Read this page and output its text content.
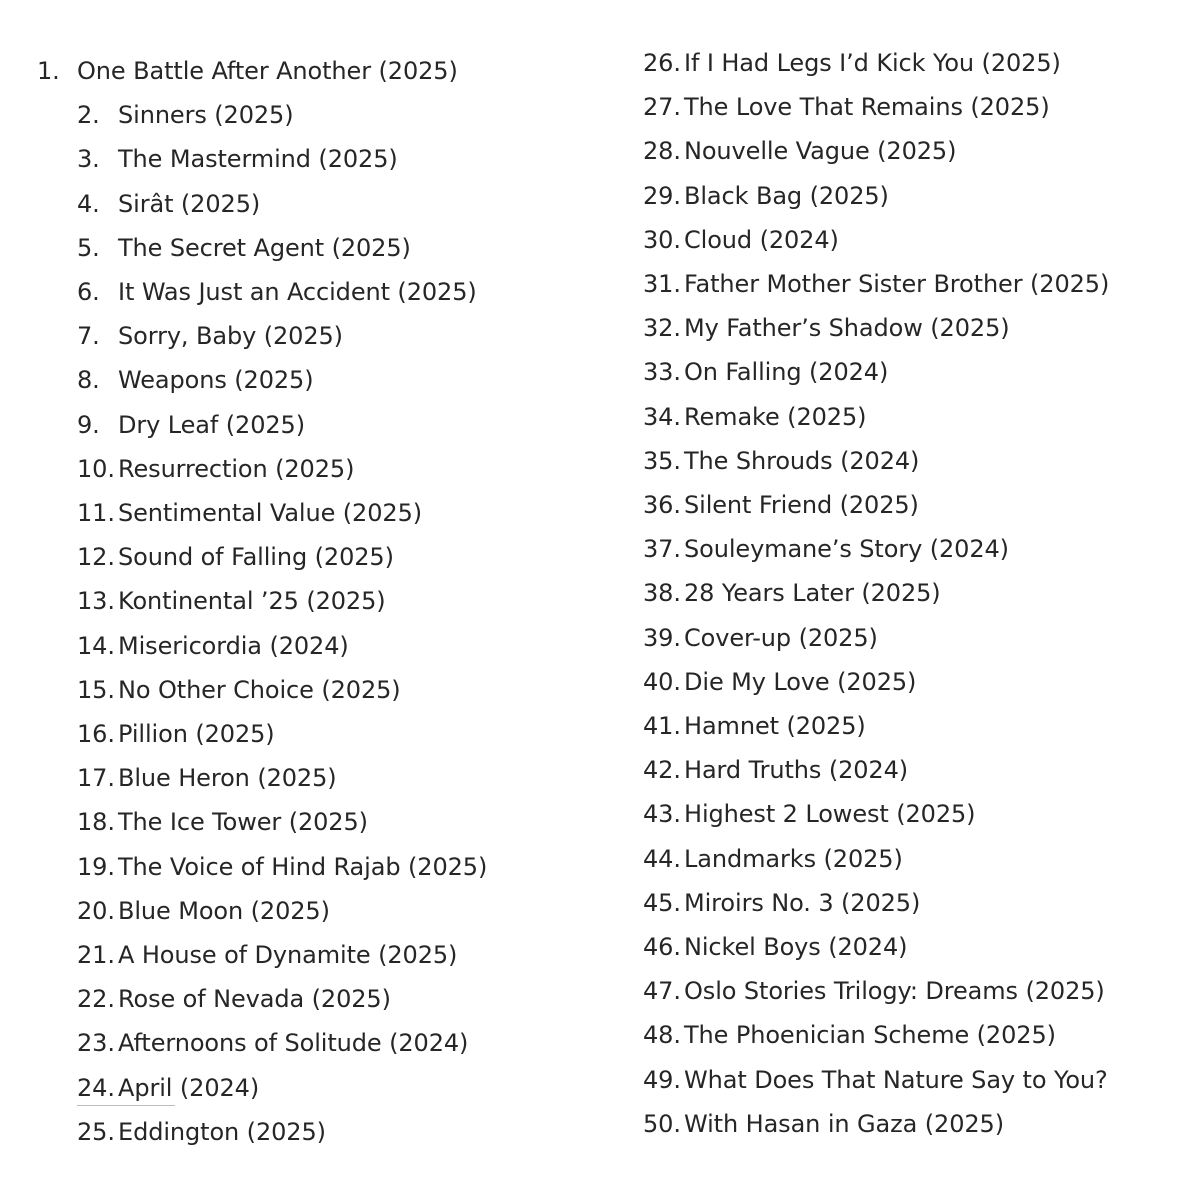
1. One Battle After Another (2025)
2. Sinners (2025)
3. The Mastermind (2025)
4. Sirât (2025)
5. The Secret Agent (2025)
6. It Was Just an Accident (2025)
7. Sorry, Baby (2025)
8. Weapons (2025)
9. Dry Leaf (2025)
10. Resurrection (2025)
11. Sentimental Value (2025)
12. Sound of Falling (2025)
13. Kontinental ’25 (2025)
14. Misericordia (2024)
15. No Other Choice (2025)
16. Pillion (2025)
17. Blue Heron (2025)
18. The Ice Tower (2025)
19. The Voice of Hind Rajab (2025)
20. Blue Moon (2025)
21. A House of Dynamite (2025)
22. Rose of Nevada (2025)
23. Afternoons of Solitude (2024)
24. April (2024)
25. Eddington (2025)
26. If I Had Legs I’d Kick You (2025)
27. The Love That Remains (2025)
28. Nouvelle Vague (2025)
29. Black Bag (2025)
30. Cloud (2024)
31. Father Mother Sister Brother (2025)
32. My Father’s Shadow (2025)
33. On Falling (2024)
34. Remake (2025)
35. The Shrouds (2024)
36. Silent Friend (2025)
37. Souleymane’s Story (2024)
38. 28 Years Later (2025)
39. Cover-up (2025)
40. Die My Love (2025)
41. Hamnet (2025)
42. Hard Truths (2024)
43. Highest 2 Lowest (2025)
44. Landmarks (2025)
45. Miroirs No. 3 (2025)
46. Nickel Boys (2024)
47. Oslo Stories Trilogy: Dreams (2025)
48. The Phoenician Scheme (2025)
49. What Does That Nature Say to You?
50. With Hasan in Gaza (2025)
